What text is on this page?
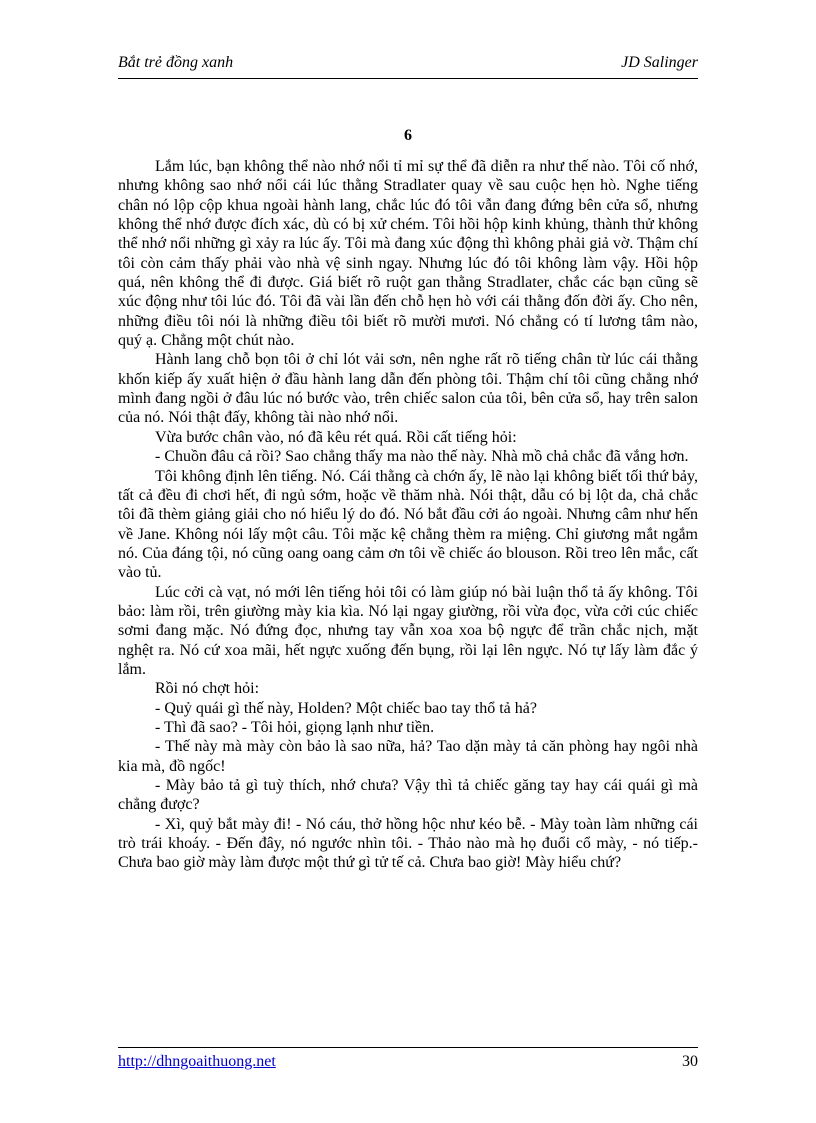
Bắt trẻ đồng xanh	JD Salinger
6

Lắm lúc, bạn không thể nào nhớ nổi tỉ mỉ sự thể đã diễn ra như thế nào. Tôi cố nhớ, nhưng không sao nhớ nổi cái lúc thằng Stradlater quay về sau cuộc hẹn hò. Nghe tiếng chân nó lộp cộp khua ngoài hành lang, chắc lúc đó tôi vẫn đang đứng bên cửa sổ, nhưng không thể nhớ được đích xác, dù có bị xử chém. Tôi hồi hộp kinh khủng, thành thử không thể nhớ nổi những gì xảy ra lúc ấy. Tôi mà đang xúc động thì không phải giả vờ. Thậm chí tôi còn cảm thấy phải vào nhà vệ sinh ngay. Nhưng lúc đó tôi không làm vậy. Hồi hộp quá, nên không thể đi được. Giá biết rõ ruột gan thằng Stradlater, chắc các bạn cũng sẽ xúc động như tôi lúc đó. Tôi đã vài lần đến chỗ hẹn hò với cái thằng đốn đời ấy. Cho nên, những điều tôi nói là những điều tôi biết rõ mười mươi. Nó chẳng có tí lương tâm nào, quý ạ. Chẳng một chút nào.

Hành lang chỗ bọn tôi ở chỉ lót vải sơn, nên nghe rất rõ tiếng chân từ lúc cái thằng khốn kiếp ấy xuất hiện ở đầu hành lang dẫn đến phòng tôi. Thậm chí tôi cũng chẳng nhớ mình đang ngồi ở đâu lúc nó bước vào, trên chiếc salon của tôi, bên cửa sổ, hay trên salon của nó. Nói thật đấy, không tài nào nhớ nổi.

Vừa bước chân vào, nó đã kêu rét quá. Rồi cất tiếng hỏi:

- Chuồn đâu cả rồi? Sao chẳng thấy ma nào thế này. Nhà mồ chả chắc đã vắng hơn.

Tôi không định lên tiếng. Nó. Cái thằng cà chớn ấy, lẽ nào lại không biết tối thứ bảy, tất cả đều đi chơi hết, đi ngủ sớm, hoặc về thăm nhà. Nói thật, dẫu có bị lột da, chả chắc tôi đã thèm giảng giải cho nó hiểu lý do đó. Nó bắt đầu cởi áo ngoài. Nhưng câm như hến về Jane. Không nói lấy một câu. Tôi mặc kệ chẳng thèm ra miệng. Chỉ giương mắt ngắm nó. Của đáng tội, nó cũng oang oang cảm ơn tôi về chiếc áo blouson. Rồi treo lên mắc, cất vào tủ.

Lúc cởi cà vạt, nó mới lên tiếng hỏi tôi có làm giúp nó bài luận thổ tả ấy không. Tôi bảo: làm rồi, trên giường mày kia kìa. Nó lại ngay giường, rồi vừa đọc, vừa cởi cúc chiếc sơmi đang mặc. Nó đứng đọc, nhưng tay vẫn xoa xoa bộ ngực để trần chắc nịch, mặt nghệt ra. Nó cứ xoa mãi, hết ngực xuống đến bụng, rồi lại lên ngực. Nó tự lấy làm đắc ý lắm.

Rồi nó chợt hỏi:

- Quỷ quái gì thế này, Holden? Một chiếc bao tay thổ tả hả?

- Thì đã sao? - Tôi hỏi, giọng lạnh như tiền.

- Thế này mà mày còn bảo là sao nữa, hả? Tao dặn mày tả căn phòng hay ngôi nhà kia mà, đồ ngốc!

- Mày bảo tả gì tuỳ thích, nhớ chưa? Vậy thì tả chiếc găng tay hay cái quái gì mà chẳng được?

- Xì, quỷ bắt mày đi! - Nó cáu, thở hồng hộc như kéo bễ. - Mày toàn làm những cái trò trái khoáy. - Đến đây, nó ngước nhìn tôi. - Thảo nào mà họ đuổi cổ mày, - nó tiếp.- Chưa bao giờ mày làm được một thứ gì tử tế cả. Chưa bao giờ! Mày hiểu chứ?

http://dhngoaithuong.net	30
